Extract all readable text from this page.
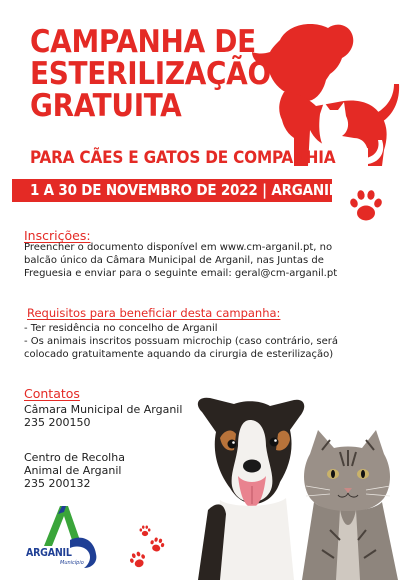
CAMPANHA DE
ESTERILIZAÇÃO
GRATUITA
PARA CÃES E GATOS DE COMPANHIA
1 A 30 DE NOVEMBRO DE 2022 | ARGANIL
Inscrições:
Preencher o documento disponível em www.cm-arganil.pt, no
balcão único da Câmara Municipal de Arganil, nas Juntas de
Freguesia e enviar para o seguinte email: geral@cm-arganil.pt
Requisitos para beneficiar desta campanha:
- Ter residência no concelho de Arganil
- Os animais inscritos possuam microchip (caso contrário, será
colocado gratuitamente aquando da cirurgia de esterilização)
Contatos
Câmara Municipal de Arganil
235 200150
Centro de Recolha
Animal de Arganil
235 200132
ARGANIL
Município
